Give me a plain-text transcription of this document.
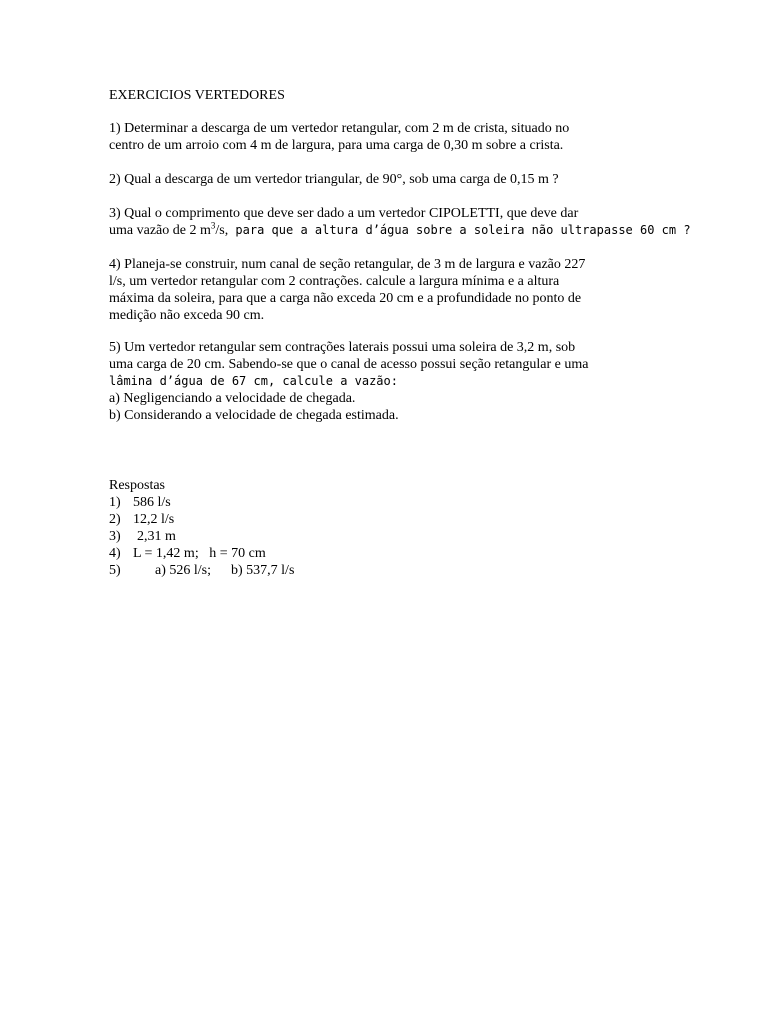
EXERCICIOS VERTEDORES
1) Determinar a descarga de um vertedor retangular, com 2 m de crista, situado no
centro de um arroio com 4 m de largura, para uma carga de 0,30 m sobre a crista.
2) Qual a descarga de um vertedor triangular, de 90°, sob uma carga de 0,15 m ?
3) Qual o comprimento que deve ser dado a um vertedor CIPOLETTI, que deve dar
uma vazão de 2 $m^3/s$, para que a altura d’água sobre a soleira não ultrapasse 60 cm ?
4) Planeja-se construir, num canal de seção retangular, de 3 m de largura e vazão 227
l/s, um vertedor retangular com 2 contrações. calcule a largura mínima e a altura
máxima da soleira, para que a carga não exceda 20 cm e a profundidade no ponto de
medição não exceda 90 cm.
5) Um vertedor retangular sem contrações laterais possui uma soleira de 3,2 m, sob
uma carga de 20 cm. Sabendo-se que o canal de acesso possui seção retangular e uma
lâmina d’água de 67 cm, calcule a vazão:
a) Negligenciando a velocidade de chegada.
b) Considerando a velocidade de chegada estimada.
Respostas
1) 586 l/s
2) 12,2 l/s
3)	2,31 m
4) L = 1,42 m;   h = 70 cm
5)	a) 526 l/s;	b) 537,7 l/s
